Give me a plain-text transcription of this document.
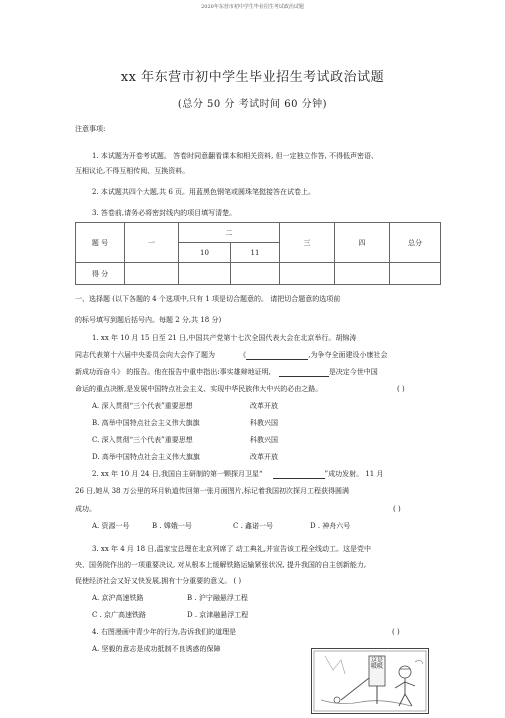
2020年东营市初中学生毕业招生考试政治试题
xx 年东营市初中学生毕业招生考试政治试题
(总分 50 分 考试时间 60 分钟)
注意事项:
1. 本试题为开卷考试题。 答卷时同意翻看课本和相关资料, 但一定独立作答, 不得低声密语、
互相议论,不得互相传阅、互换资料。
2. 本试题共四个大题,共 6 页。用蓝黑色钢笔或圆珠笔挺接答在试卷上。
3. 答卷前,请务必将密封线内的项目填写清楚。
题 号	一	二		三	四	总分
		10	11			
得 分						
一、选择题 (以下各题的 4 个选项中,只有 1 项是切合题意的。 请把切合题意的选项前
的标号填写到题后括号内。每题 2 分,共 18 分)
1. xx 年 10 月 15 日至 21 日,中国共产党第十七次全国代表大会在北京举行。胡锦涛
同志代表第十六届中央委员会向大会作了题为	《	,为争夺全面建设小康社会
新成功而奋斗》 的报告。他在报告中重申指出:事实雄辩地证明,	是决定今世中国
命运的重点决断,是发展中国特点社会主义、实现中华民族伟大中兴的必由之路。	( )
A. 深入贯彻“三个代表”重要思想	改革开放
B. 高举中国特点社会主义伟大旗旗	科教兴国
C. 深入贯彻“三个代表”重要思想	科教兴国
D. 高举中国特点社会主义伟大旗旗	改革开放
2. xx 年 10 月 24 日,我国自主研制的第一颗探月卫星“	”成功发射。 11 月
26 日,她从 38 万公里的环月轨道传回第一张月面图片,标记着我国初次探月工程获得圆满
成功。	( )
A. 资源一号	B . 嫦娥一号	C . 鑫诺一号	D . 神舟六号
3. xx 年 4 月 18 日,温家宝总理在北京列席了 动工典礼,并宣告该工程全线动工。这是党中
央、国务院作出的一项重要决议, 对从根本上缓解铁路运输紧张状况, 提升我国的自主创新能力,
促使经济社会又好又快发展,拥有十分重要的意义。 ( )
A. 京沪高速铁路	B . 沪宁融悬浮工程
C . 京广高速铁路	D . 京津融悬浮工程
4. 右图漫画中青少年的行为,告诉我们的道理是	( )
A. 坚毅的意志是成功抵制不良诱惑的保障
这是吸吸
